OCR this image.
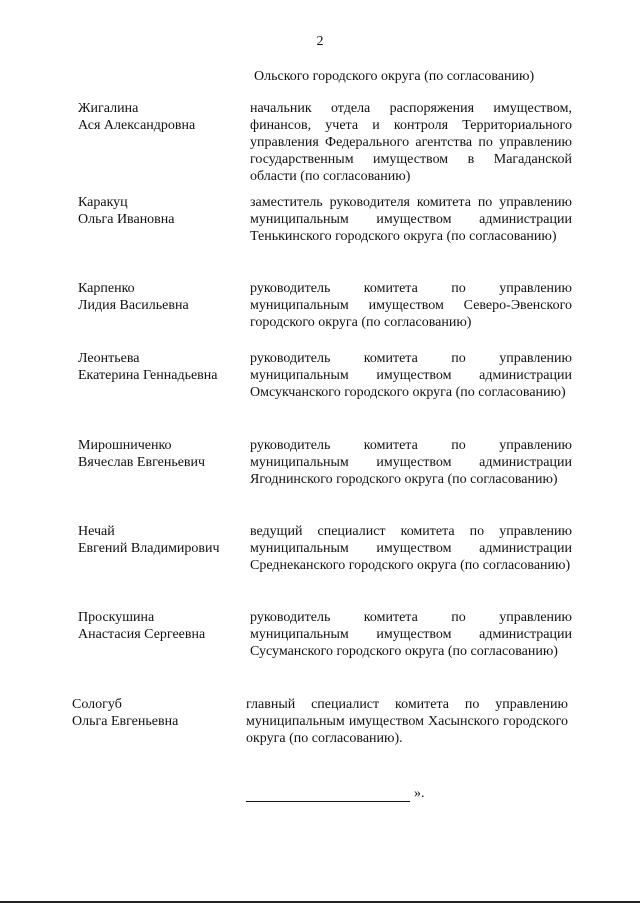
2
Ольского городского округа (по согласованию)
Жигалина
Ася Александровна
начальник отдела распоряжения имуществом, финансов, учета и контроля Территориального управления Федерального агентства по управлению государственным имуществом в Магаданской области (по согласованию)
Каракуц
Ольга Ивановна
заместитель руководителя комитета по управлению муниципальным имуществом администрации Тенькинского городского округа (по согласованию)
Карпенко
Лидия Васильевна
руководитель комитета по управлению муниципальным имуществом Северо-Эвенского городского округа (по согласованию)
Леонтьева
Екатерина Геннадьевна
руководитель комитета по управлению муниципальным имуществом администрации Омсукчанского городского округа (по согласованию)
Мирошниченко
Вячеслав Евгеньевич
руководитель комитета по управлению муниципальным имуществом администрации Ягоднинского городского округа (по согласованию)
Нечай
Евгений Владимирович
ведущий специалист комитета по управлению муниципальным имуществом администрации Среднеканского городского округа (по согласованию)
Проскушина
Анастасия Сергеевна
руководитель комитета по управлению муниципальным имуществом администрации Сусуманского городского округа (по согласованию)
Сологуб
Ольга Евгеньевна
главный специалист комитета по управлению муниципальным имуществом Хасынского городского округа (по согласованию).
».
